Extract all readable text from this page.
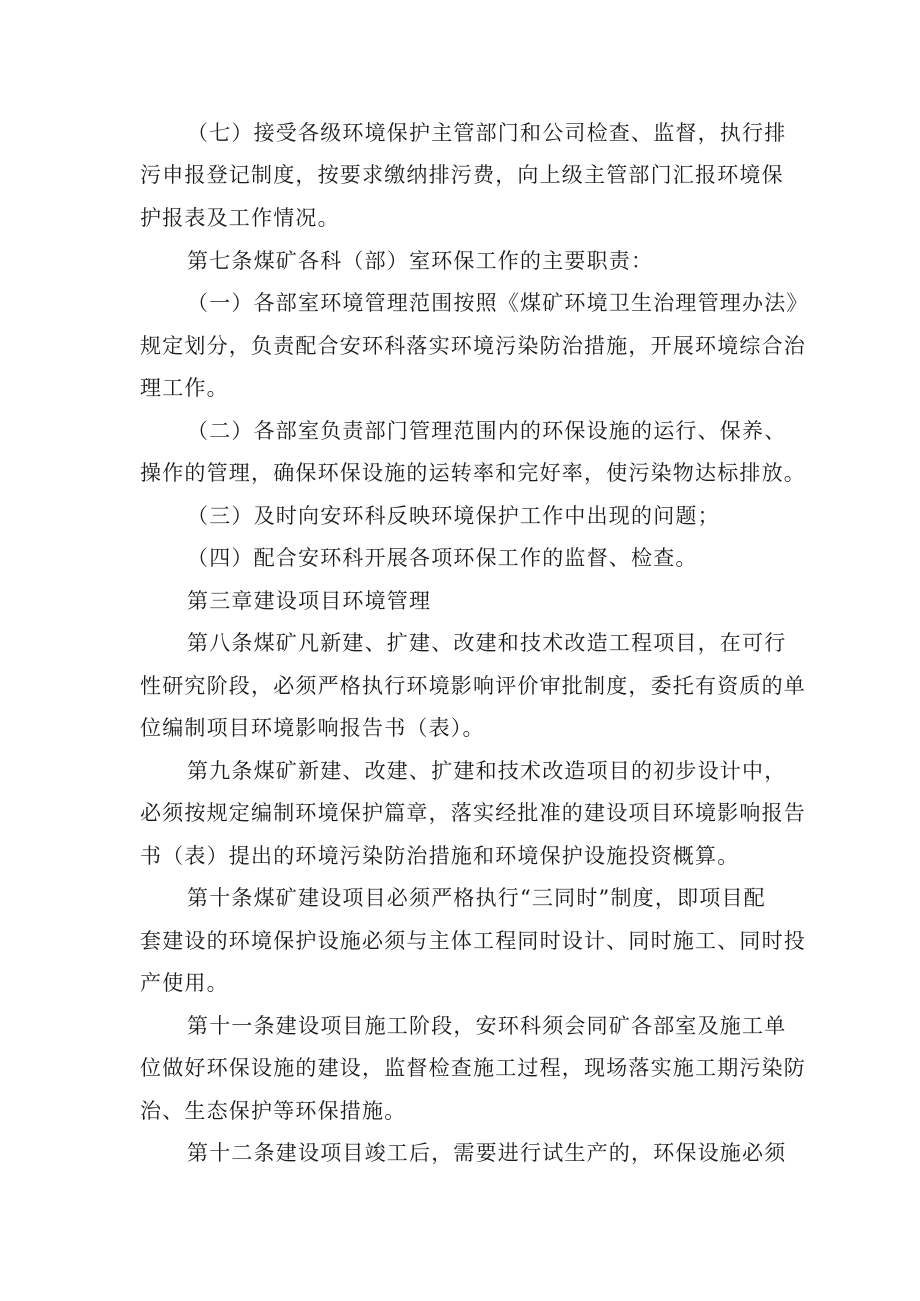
（七）接受各级环境保护主管部门和公司检查、监督，执行排
污申报登记制度，按要求缴纳排污费，向上级主管部门汇报环境保
护报表及工作情况。
第七条煤矿各科（部）室环保工作的主要职责：
（一）各部室环境管理范围按照《煤矿环境卫生治理管理办法》
规定划分，负责配合安环科落实环境污染防治措施，开展环境综合治
理工作。
（二）各部室负责部门管理范围内的环保设施的运行、保养、
操作的管理，确保环保设施的运转率和完好率，使污染物达标排放。
（三）及时向安环科反映环境保护工作中出现的问题；
（四）配合安环科开展各项环保工作的监督、检查。
第三章建设项目环境管理
第八条煤矿凡新建、扩建、改建和技术改造工程项目，在可行
性研究阶段，必须严格执行环境影响评价审批制度，委托有资质的单
位编制项目环境影响报告书（表）。
第九条煤矿新建、改建、扩建和技术改造项目的初步设计中，
必须按规定编制环境保护篇章，落实经批准的建设项目环境影响报告
书（表）提出的环境污染防治措施和环境保护设施投资概算。
第十条煤矿建设项目必须严格执行“三同时”制度，即项目配
套建设的环境保护设施必须与主体工程同时设计、同时施工、同时投
产使用。
第十一条建设项目施工阶段，安环科须会同矿各部室及施工单
位做好环保设施的建设，监督检查施工过程，现场落实施工期污染防
治、生态保护等环保措施。
第十二条建设项目竣工后，需要进行试生产的，环保设施必须
